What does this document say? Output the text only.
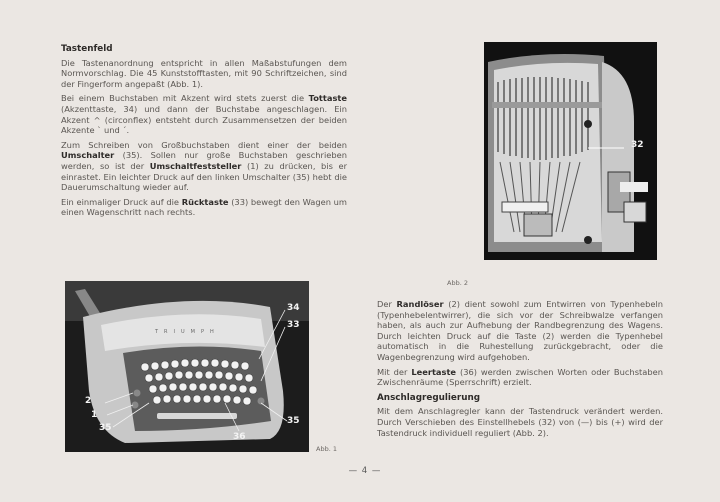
Tastenfeld
Die Tastenanordnung entspricht in allen Maßabstufungen dem Normvorschlag. Die 45 Kunststofftasten, mit 90 Schriftzeichen, sind der Fingerform angepaßt (Abb. 1).
Bei einem Buchstaben mit Akzent wird stets zuerst die Tottaste (Akzenttaste, 34) und dann der Buchstabe angeschlagen. Ein Akzent ^ (circonflex) entsteht durch Zusammensetzen der beiden Akzente ` und ´.
Zum Schreiben von Großbuchstaben dient einer der beiden Umschalter (35). Sollen nur große Buchstaben geschrieben werden, so ist der Umschaltfeststeller (1) zu drücken, bis er einrastet. Ein leichter Druck auf den linken Umschalter (35) hebt die Dauerumschaltung wieder auf.
Ein einmaliger Druck auf die Rücktaste (33) bewegt den Wagen um einen Wagenschritt nach rechts.
32
Abb. 2
TRIUMPH
34
33
2
1
35
35
36
Abb. 1
Der Randlöser (2) dient sowohl zum Entwirren von Typenhebeln (Typenhebelentwirrer), die sich vor der Schreibwalze verfangen haben, als auch zur Aufhebung der Randbegrenzung des Wagens. Durch leichten Druck auf die Taste (2) werden die Typenhebel automatisch in die Ruhestellung zurückgebracht, oder die Wagenbegrenzung wird aufgehoben.
Mit der Leertaste (36) werden zwischen Worten oder Buchstaben Zwischenräume (Sperrschrift) erzielt.
Anschlagregulierung
Mit dem Anschlagregler kann der Tastendruck verändert werden. Durch Verschieben des Einstellhebels (32) von (—) bis (+) wird der Tastendruck individuell reguliert (Abb. 2).
— 4 —
